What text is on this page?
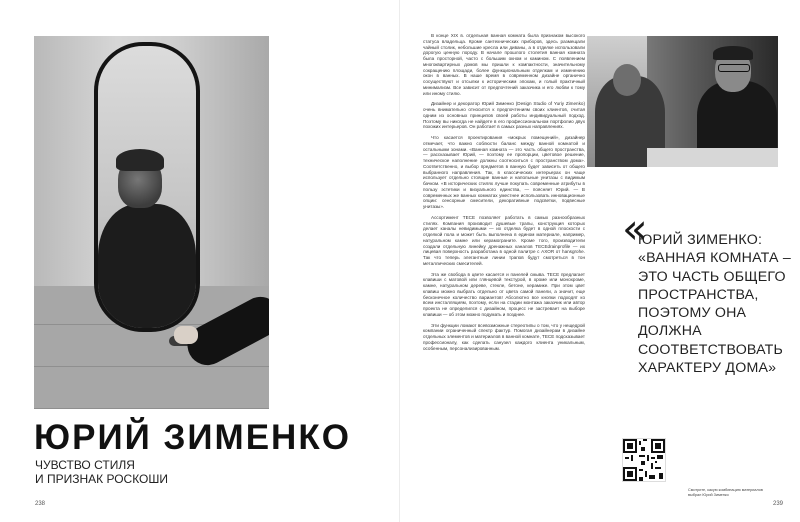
ЮРИЙ ЗИМЕНКО
ЧУВСТВО СТИЛЯ
И ПРИЗНАК РОСКОШИ
238

В конце XIX в. отдельная ванная комната была признаком высокого статуса владельца. Кроме сантехнических приборов, здесь размещали чайный столик, небольшие кресла или диваны, а в отделке использовали дорогую ценную породу. В начале прошлого столетия ванная комната была просторной, часто с большим окном и камином. С появлением многоквартирных домов мы пришли к компактности, значительному сокращению площади, более функциональным отделкам и изменению окон в ванных. В наше время в современном дизайне органично сосуществуют и отсылки к историческим эпохам, и голый практичный минимализм. Все зависит от предпочтений заказчика и его любви к тому или иному стилю.

Дизайнер и декоратор Юрий Зименко (Design Studio of Yuriy Zimenko) очень внимательно относится к предпочтениям своих клиентов, считая одним из основных принципов своей работы индивидуальный подход. Поэтому вы никогда не найдете в его профессиональном портфолио двух похожих интерьеров. Он работает в самых разных направлениях.

Что касается проектирования «мокрых помещений», дизайнер отмечает, что важно соблюсти баланс между ванной комнатой и остальными зонами. «Ванная комната — это часть общего пространства, — рассказывает Юрий, — поэтому ее пропорции, цветовое решение, техническое наполнение должны соотноситься с пространством дома». Соответственно, и выбор предметов в ванную будет зависеть от общего выбранного направления. Так, в классических интерьерах он чаще использует отдельно стоящие ванные и напольные унитазы с видимым бачком. «В исторических стилях лучше покупать современные атрибуты в пользу эстетики и визуального единства, — поясняет Юрий. — В современных же ванных комнатах уместнее использовать инновационные опции: сенсорные смесители, декоративные подсветки, подвесные унитазы».

Ассортимент TECE позволяет работать в самых разнообразных стилях. Компания производит душевые трапы, конструкция которых делает каналы невидимыми — их отделка будет в одной плоскости с отделкой пола и может быть выполнена в едином материале, например, натуральном камне или керамограните. Кроме того, производители создали отдельную линейку дренажных каналов TECEdrainprofile — их лицевая поверхность разработана в одной палитре с AXOR от hansgrohe. Так что теперь элегантные линии трапов будут смотреться в тон металлических смесителей.

Эта же свобода в цвете касается и панелей смыва. TECE предлагает клавиши с матовой или глянцевой текстурой, в хроме или монохроме, камне, натуральном дереве, стекле, бетоне, керамике. При этом цвет клавиш можно выбрать отдельно от цвета самой панели, а значит, еще бесконечное количество вариантов! Абсолютно все кнопки подходят ко всем инсталляциям, поэтому, если на стадии монтажа заказчик или автор проекта не определился с дизайном, процесс не застревает на выборе клавиши — об этом можно подумать и позднее.

Эти функции ломают всевозможные стереотипы о том, что у нещедрой компании ограниченный спектр фактур. Помогая дизайнерам в дизайне отдельных элементов и материалов в ванной комнате, TECE подсказывает профессионалу, как сделать санузел каждого клиента уникальным, особенным, персонализированным.

«
ЮРИЙ ЗИМЕНКО: «ВАННАЯ КОМНАТА – ЭТО ЧАСТЬ ОБЩЕГО ПРОСТРАНСТВА, ПОЭТОМУ ОНА ДОЛЖНА СООТВЕТСТВОВАТЬ ХАРАКТЕРУ ДОМА»
Смотрите, какую комбинацию материалов выбрал Юрий Зименко
239
